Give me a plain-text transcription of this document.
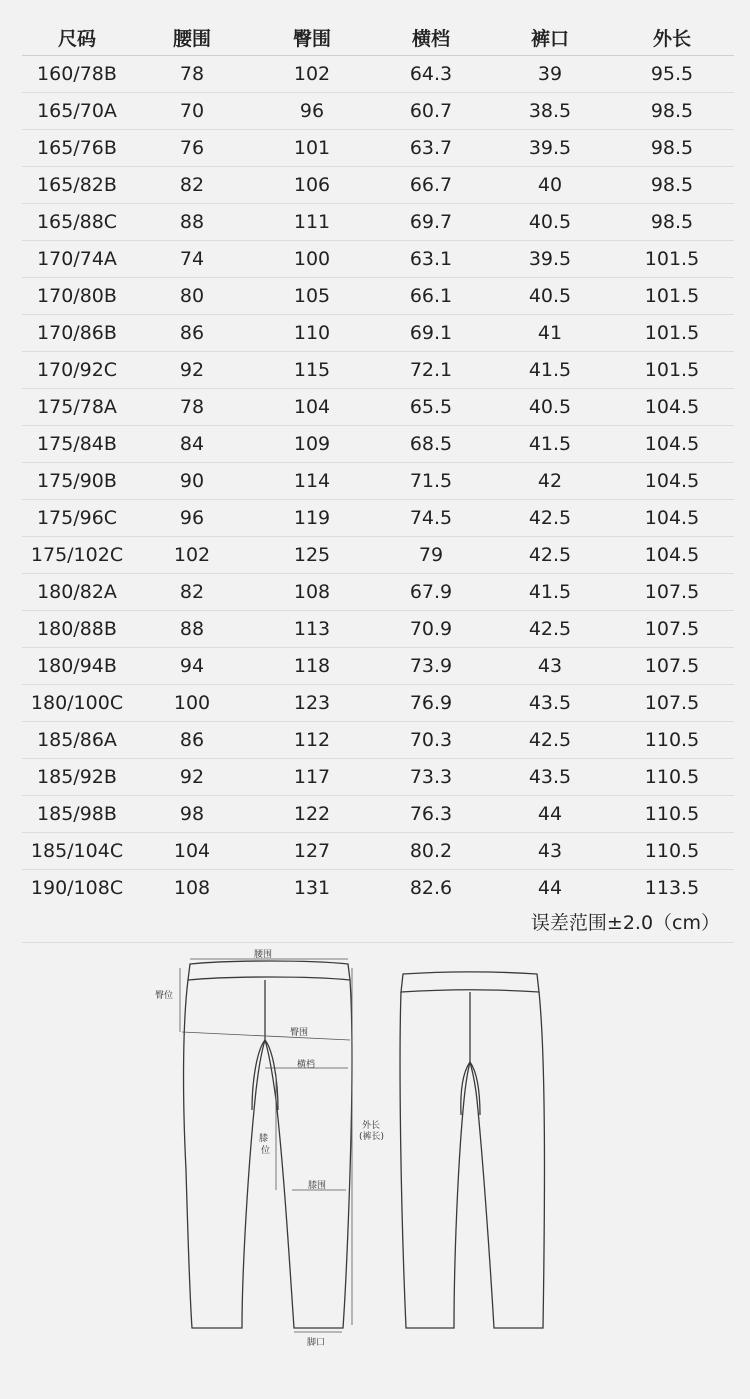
尺码	腰围	臀围	横档	裤口	外长
160/78B	78	102	64.3	39	95.5
165/70A	70	96	60.7	38.5	98.5
165/76B	76	101	63.7	39.5	98.5
165/82B	82	106	66.7	40	98.5
165/88C	88	111	69.7	40.5	98.5
170/74A	74	100	63.1	39.5	101.5
170/80B	80	105	66.1	40.5	101.5
170/86B	86	110	69.1	41	101.5
170/92C	92	115	72.1	41.5	101.5
175/78A	78	104	65.5	40.5	104.5
175/84B	84	109	68.5	41.5	104.5
175/90B	90	114	71.5	42	104.5
175/96C	96	119	74.5	42.5	104.5
175/102C	102	125	79	42.5	104.5
180/82A	82	108	67.9	41.5	107.5
180/88B	88	113	70.9	42.5	107.5
180/94B	94	118	73.9	43	107.5
180/100C	100	123	76.9	43.5	107.5
185/86A	86	112	70.3	42.5	110.5
185/92B	92	117	73.3	43.5	110.5
185/98B	98	122	76.3	44	110.5
185/104C	104	127	80.2	43	110.5
190/108C	108	131	82.6	44	113.5
误差范围±2.0（cm）
腰围
臀位
臀围
横档
外长
(裤长)
膝
位
膝围
脚口
